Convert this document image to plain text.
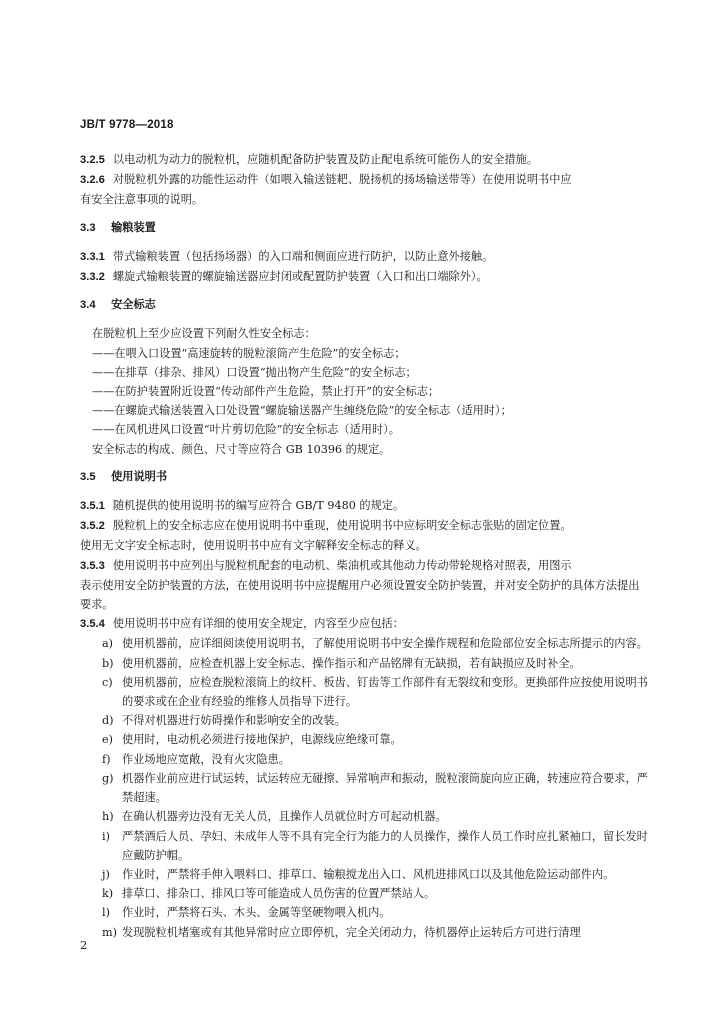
JB/T 9778—2018

3.2.5 以电动机为动力的脱粒机，应随机配备防护装置及防止配电系统可能伤人的安全措施。

3.2.6 对脱粒机外露的功能性运动件（如喂入输送链耙、脱扬机的扬场输送带等）在使用说明书中应
有安全注意事项的说明。

3.3 输粮装置

3.3.1 带式输粮装置（包括扬场器）的入口端和侧面应进行防护，以防止意外接触。

3.3.2 螺旋式输粮装置的螺旋输送器应封闭或配置防护装置（入口和出口端除外）。

3.4 安全标志

在脱粒机上至少应设置下列耐久性安全标志：

——在喂入口设置“高速旋转的脱粒滚筒产生危险”的安全标志；

——在排草（排杂、排风）口设置“抛出物产生危险”的安全标志；

——在防护装置附近设置“传动部件产生危险，禁止打开”的安全标志；

——在螺旋式输送装置入口处设置“螺旋输送器产生缠绕危险”的安全标志（适用时）；

——在风机进风口设置“叶片剪切危险”的安全标志（适用时）。

安全标志的构成、颜色、尺寸等应符合 GB 10396 的规定。

3.5 使用说明书

3.5.1 随机提供的使用说明书的编写应符合 GB/T 9480 的规定。

3.5.2 脱粒机上的安全标志应在使用说明书中重现，使用说明书中应标明安全标志张贴的固定位置。
使用无文字安全标志时，使用说明书中应有文字解释安全标志的释义。

3.5.3 使用说明书中应列出与脱粒机配套的电动机、柴油机或其他动力传动带轮规格对照表，用图示
表示使用安全防护装置的方法，在使用说明书中应提醒用户必须设置安全防护装置，并对安全防护的具体方法提出要求。

3.5.4 使用说明书中应有详细的使用安全规定，内容至少应包括：

a) 使用机器前，应详细阅读使用说明书，了解使用说明书中安全操作规程和危险部位安全标志所提示的内容。

b) 使用机器前，应检查机器上安全标志、操作指示和产品铭牌有无缺损，若有缺损应及时补全。

c) 使用机器前，应检查脱粒滚筒上的纹杆、板齿、钉齿等工作部件有无裂纹和变形。更换部件应按使用说明书的要求或在企业有经验的维修人员指导下进行。

d) 不得对机器进行妨碍操作和影响安全的改装。

e) 使用时，电动机必须进行接地保护，电源线应绝缘可靠。

f) 作业场地应宽敞，没有火灾隐患。

g) 机器作业前应进行试运转，试运转应无碰擦、异常响声和振动，脱粒滚筒旋向应正确，转速应符合要求，严禁超速。

h) 在确认机器旁边没有无关人员，且操作人员就位时方可起动机器。

i) 严禁酒后人员、孕妇、未成年人等不具有完全行为能力的人员操作，操作人员工作时应扎紧袖口，留长发时应戴防护帽。

j) 作业时，严禁将手伸入喂料口、排草口、输粮搅龙出入口、风机进排风口以及其他危险运动部件内。

k) 排草口、排杂口、排风口等可能造成人员伤害的位置严禁站人。

l) 作业时，严禁将石头、木头、金属等坚硬物喂入机内。

m) 发现脱粒机堵塞或有其他异常时应立即停机，完全关闭动力，待机器停止运转后方可进行清理

2
